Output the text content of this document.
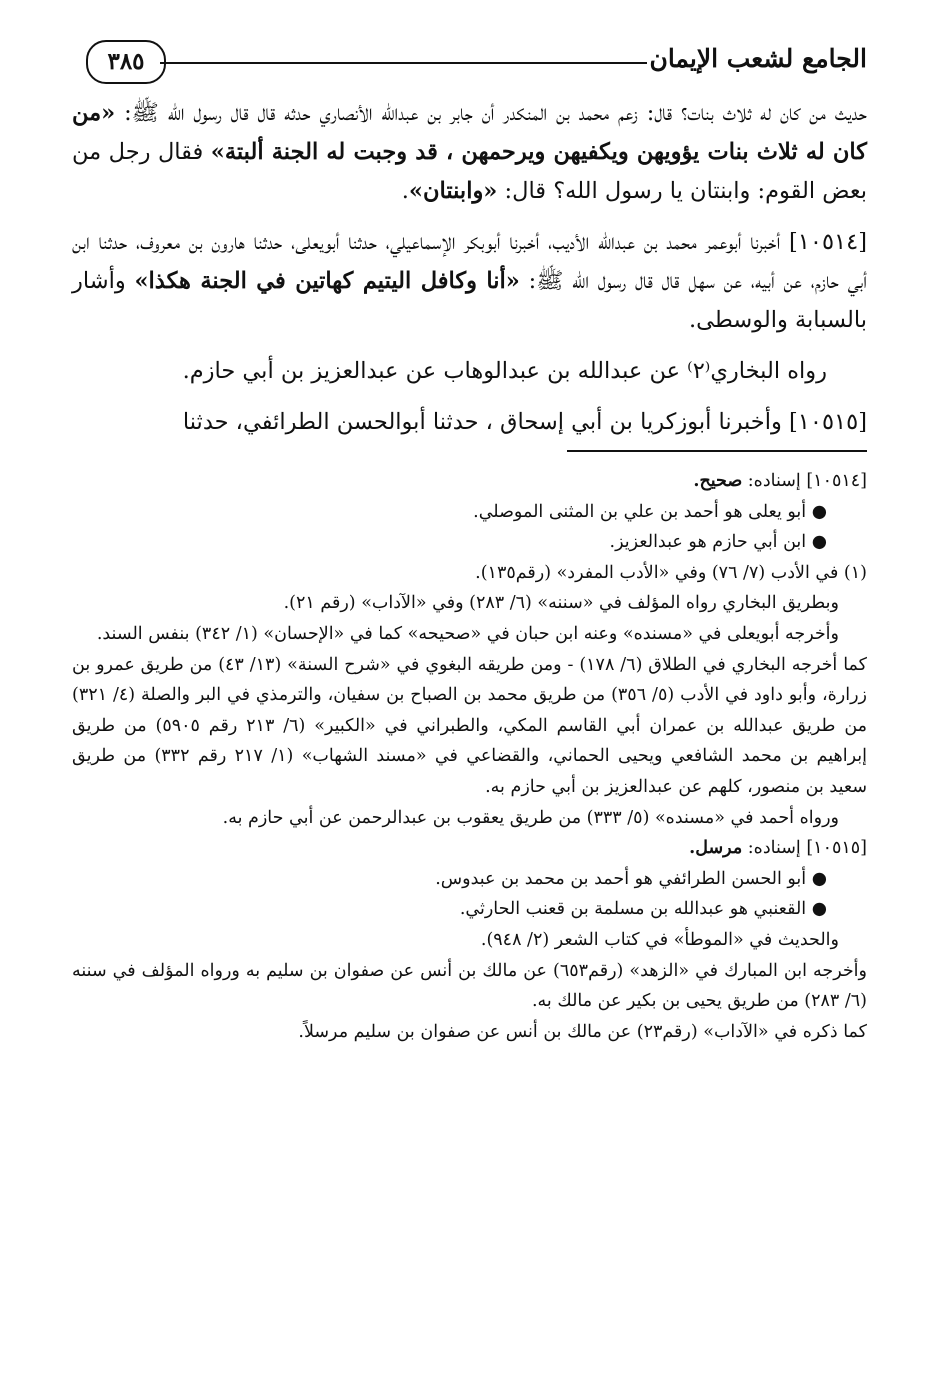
الجامع لشعب الإيمان
٣٨٥

حديث من كان له ثلاث بنات؟ قال: زعم محمد بن المنكدر أن جابر بن عبدالله الأنصاري حدثه قال قال رسول الله ﷺ: «من كان له ثلاث بنات يؤويهن ويكفيهن ويرحمهن ، قد وجبت له الجنة ألبتة» فقال رجل من بعض القوم: وابنتان يا رسول الله؟ قال: «وابنتان».

[١٠٥١٤] أخبرنا أبوعمر محمد بن عبدالله الأديب، أخبرنا أبوبكر الإسماعيلي، حدثنا أبويعلى، حدثنا هارون بن معروف، حدثنا ابن أبي حازم، عن أبيه، عن سهل قال قال رسول الله ﷺ: «أنا وكافل اليتيم كهاتين في الجنة هكذا» وأشار بالسبابة والوسطى.

رواه البخاري⁽٢⁾ عن عبدالله بن عبدالوهاب عن عبدالعزيز بن أبي حازم.

[١٠٥١٥] وأخبرنا أبوزكريا بن أبي إسحاق ، حدثنا أبوالحسن الطرائفي، حدثنا

[١٠٥١٤] إسناده: صحيح.

● أبو يعلى هو أحمد بن علي بن المثنى الموصلي.

● ابن أبي حازم هو عبدالعزيز.

(١) في الأدب (٧/ ٧٦) وفي «الأدب المفرد» (رقم١٣٥).

وبطريق البخاري رواه المؤلف في «سننه» (٦/ ٢٨٣) وفي «الآداب» (رقم ٢١).

وأخرجه أبويعلى في «مسنده» وعنه ابن حبان في «صحيحه» كما في «الإحسان» (١/ ٣٤٢) بنفس السند.

كما أخرجه البخاري في الطلاق (٦/ ١٧٨) - ومن طريقه البغوي في «شرح السنة» (١٣/ ٤٣) من طريق عمرو بن زرارة، وأبو داود في الأدب (٥/ ٣٥٦) من طريق محمد بن الصباح بن سفيان، والترمذي في البر والصلة (٤/ ٣٢١) من طريق عبدالله بن عمران أبي القاسم المكي، والطبراني في «الكبير» (٦/ ٢١٣ رقم ٥٩٠٥) من طريق إبراهيم بن محمد الشافعي ويحيى الحماني، والقضاعي في «مسند الشهاب» (١/ ٢١٧ رقم ٣٣٢) من طريق سعيد بن منصور، كلهم عن عبدالعزيز بن أبي حازم به.

ورواه أحمد في «مسنده» (٥/ ٣٣٣) من طريق يعقوب بن عبدالرحمن عن أبي حازم به.

[١٠٥١٥] إسناده: مرسل.

● أبو الحسن الطرائفي هو أحمد بن محمد بن عبدوس.

● القعنبي هو عبدالله بن مسلمة بن قعنب الحارثي.

والحديث في «الموطأ» في كتاب الشعر (٢/ ٩٤٨).

وأخرجه ابن المبارك في «الزهد» (رقم٦٥٣) عن مالك بن أنس عن صفوان بن سليم به ورواه المؤلف في سننه (٦/ ٢٨٣) من طريق يحيى بن بكير عن مالك به.

كما ذكره في «الآداب» (رقم٢٣) عن مالك بن أنس عن صفوان بن سليم مرسلاً.
